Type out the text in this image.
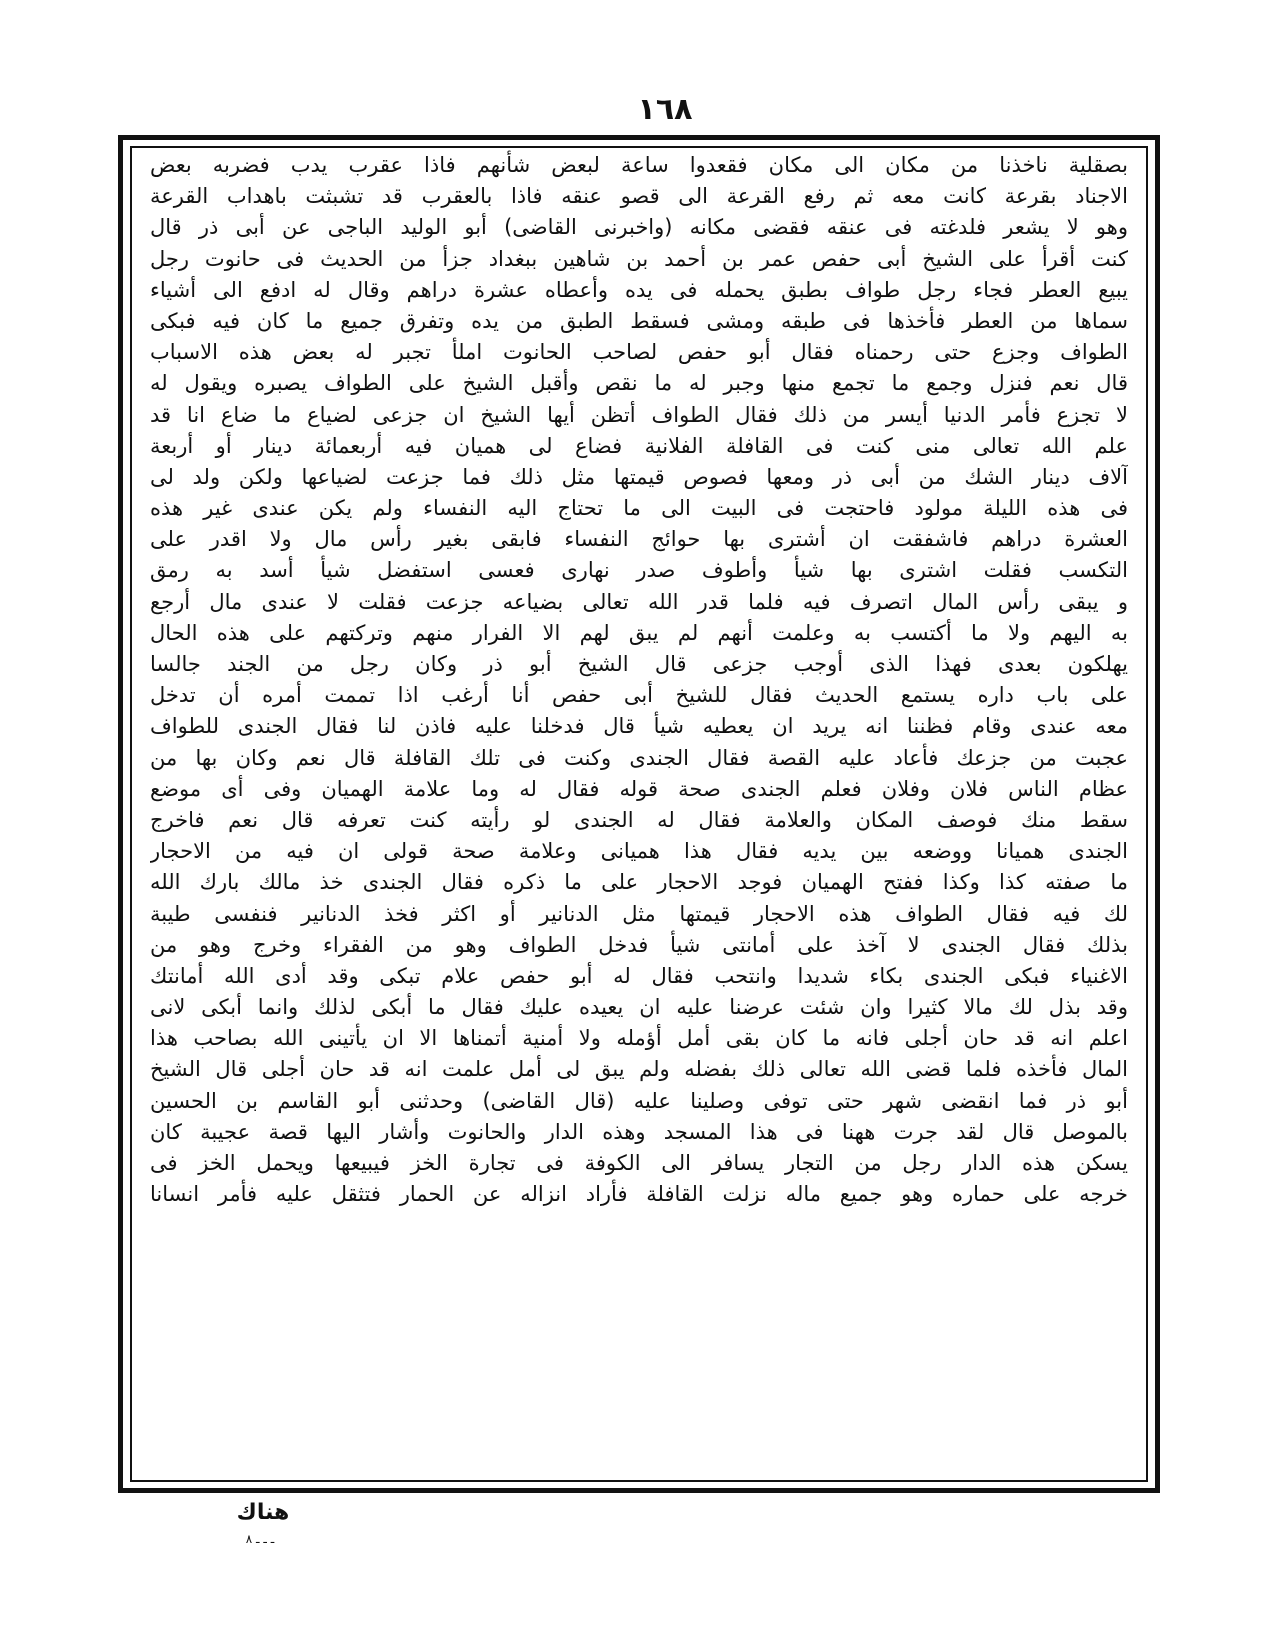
١٦٨
بصقلية ناخذنا من مكان الى مكان فقعدوا ساعة لبعض شأنهم فاذا عقرب يدب فضربه بعض
الاجناد بقرعة كانت معه ثم رفع القرعة الى قصو عنقه فاذا بالعقرب قد تشبثت باهداب القرعة
وهو لا يشعر فلدغته فى عنقه فقضى مكانه (واخبرنى القاضى) أبو الوليد الباجى عن أبى ذر قال
كنت أقرأ على الشيخ أبى حفص عمر بن أحمد بن شاهين ببغداد جزأ من الحديث فى حانوت رجل
يبيع العطر فجاء رجل طواف بطبق يحمله فى يده وأعطاه عشرة دراهم وقال له ادفع الى أشياء
سماها من العطر فأخذها فى طبقه ومشى فسقط الطبق من يده وتفرق جميع ما كان فيه فبكى
الطواف وجزع حتى رحمناه فقال أبو حفص لصاحب الحانوت املأ تجبر له بعض هذه الاسباب
قال نعم فنزل وجمع ما تجمع منها وجبر له ما نقص وأقبل الشيخ على الطواف يصبره ويقول له
لا تجزع فأمر الدنيا أيسر من ذلك فقال الطواف أتظن أيها الشيخ ان جزعى لضياع ما ضاع انا قد
علم الله تعالى منى كنت فى القافلة الفلانية فضاع لى هميان فيه أربعمائة دينار أو أربعة
آلاف دينار الشك من أبى ذر ومعها فصوص قيمتها مثل ذلك فما جزعت لضياعها ولكن ولد لى
فى هذه الليلة مولود فاحتجت فى البيت الى ما تحتاج اليه النفساء ولم يكن عندى غير هذه
العشرة دراهم فاشفقت ان أشترى بها حوائج النفساء فابقى بغير رأس مال ولا اقدر على
التكسب فقلت اشترى بها شيأ وأطوف صدر نهارى فعسى استفضل شيأ أسد به رمق
و يبقى رأس المال اتصرف فيه فلما قدر الله تعالى بضياعه جزعت فقلت لا عندى مال أرجع
به اليهم ولا ما أكتسب به وعلمت أنهم لم يبق لهم الا الفرار منهم وتركتهم على هذه الحال
يهلكون بعدى فهذا الذى أوجب جزعى قال الشيخ أبو ذر وكان رجل من الجند جالسا
على باب داره يستمع الحديث فقال للشيخ أبى حفص أنا أرغب اذا تممت أمره أن تدخل
معه عندى وقام فظننا انه يريد ان يعطيه شيأ قال فدخلنا عليه فاذن لنا فقال الجندى للطواف
عجبت من جزعك فأعاد عليه القصة فقال الجندى وكنت فى تلك القافلة قال نعم وكان بها من
عظام الناس فلان وفلان فعلم الجندى صحة قوله فقال له وما علامة الهميان وفى أى موضع
سقط منك فوصف المكان والعلامة فقال له الجندى لو رأيته كنت تعرفه قال نعم فاخرج
الجندى هميانا ووضعه بين يديه فقال هذا هميانى وعلامة صحة قولى ان فيه من الاحجار
ما صفته كذا وكذا ففتح الهميان فوجد الاحجار على ما ذكره فقال الجندى خذ مالك بارك الله
لك فيه فقال الطواف هذه الاحجار قيمتها مثل الدنانير أو اكثر فخذ الدنانير فنفسى طيبة
بذلك فقال الجندى لا آخذ على أمانتى شيأ فدخل الطواف وهو من الفقراء وخرج وهو من
الاغنياء فبكى الجندى بكاء شديدا وانتحب فقال له أبو حفص علام تبكى وقد أدى الله أمانتك
وقد بذل لك مالا كثيرا وان شئت عرضنا عليه ان يعيده عليك فقال ما أبكى لذلك وانما أبكى لانى
اعلم انه قد حان أجلى فانه ما كان بقى أمل أؤمله ولا أمنية أتمناها الا ان يأتينى الله بصاحب هذا
المال فأخذه فلما قضى الله تعالى ذلك بفضله ولم يبق لى أمل علمت انه قد حان أجلى قال الشيخ
أبو ذر فما انقضى شهر حتى توفى وصلينا عليه (قال القاضى) وحدثنى أبو القاسم بن الحسين
بالموصل قال لقد جرت ههنا فى هذا المسجد وهذه الدار والحانوت وأشار اليها قصة عجيبة كان
يسكن هذه الدار رجل من التجار يسافر الى الكوفة فى تجارة الخز فيبيعها ويحمل الخز فى
خرجه على حماره وهو جميع ماله نزلت القافلة فأراد انزاله عن الحمار فتثقل عليه فأمر انسانا
هناك
ـ ـ ـ ٨
